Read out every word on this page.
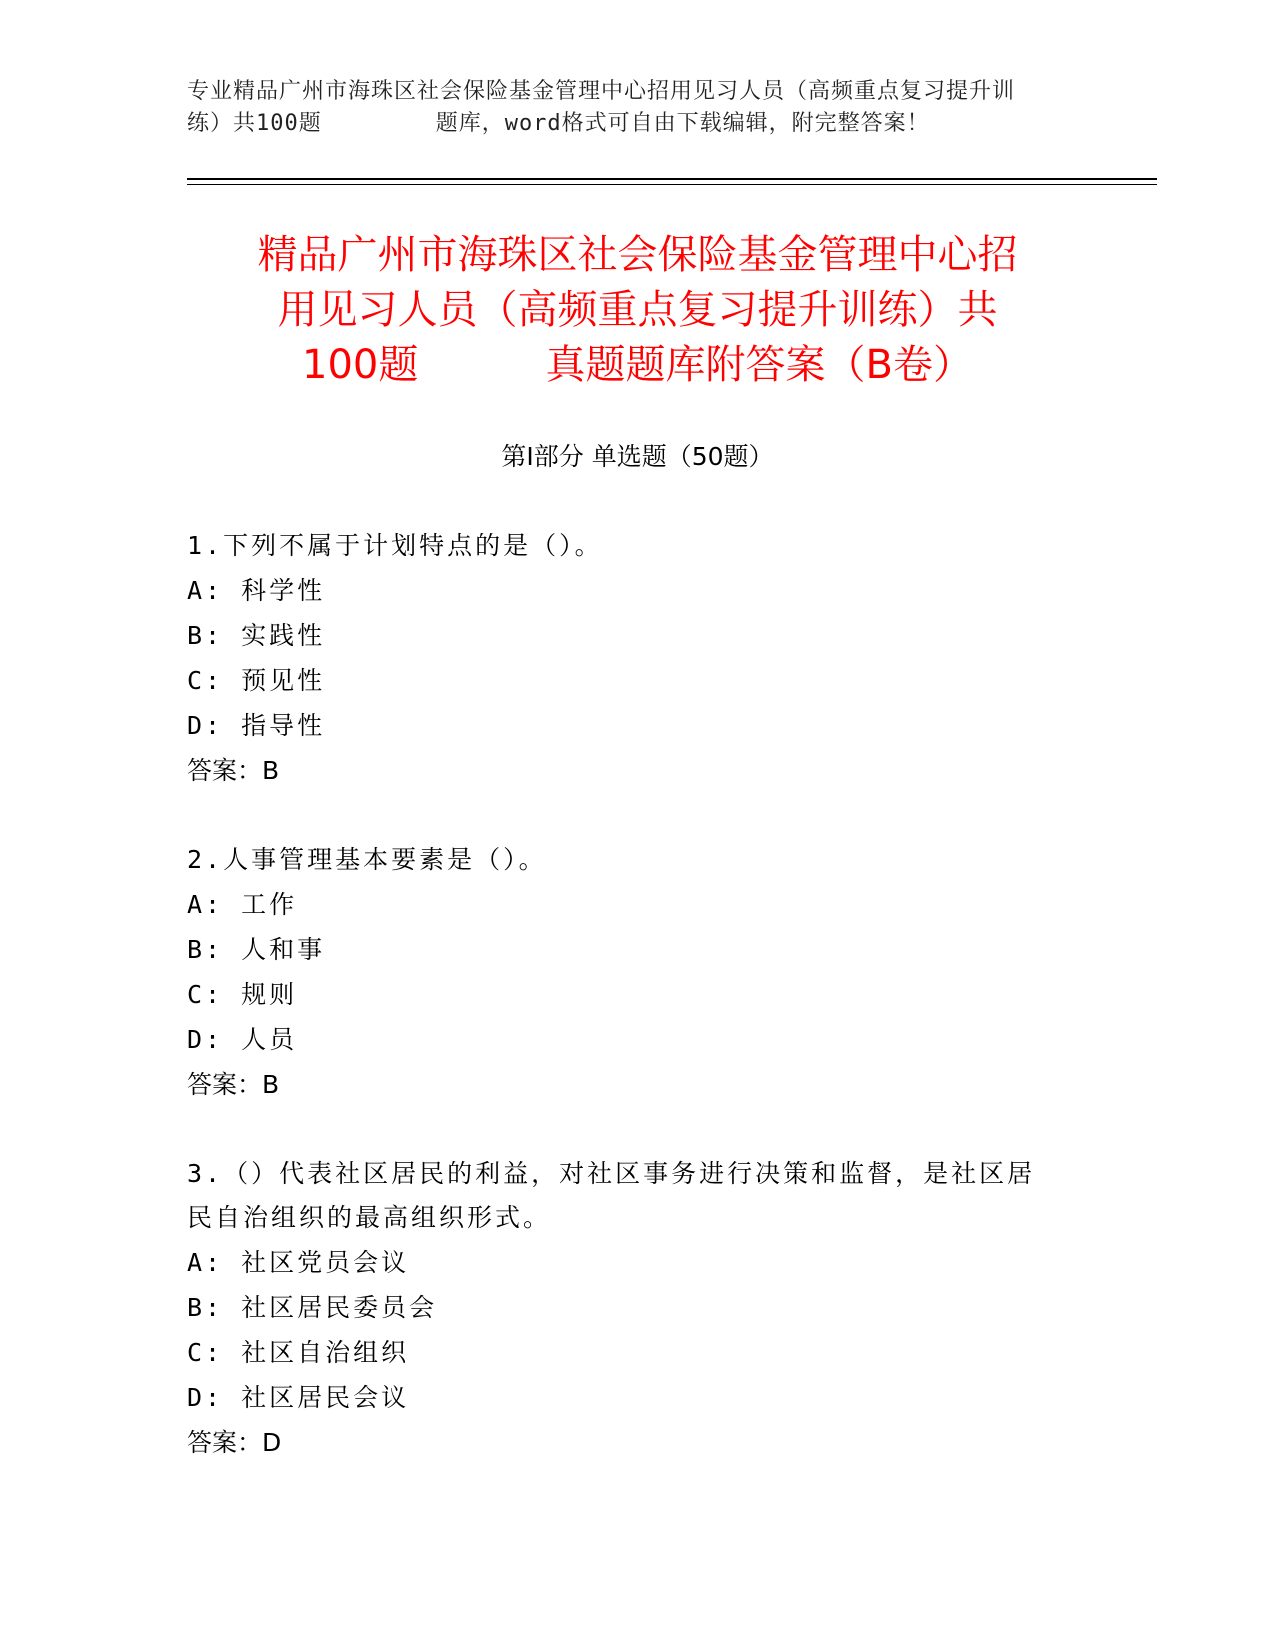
专业精品广州市海珠区社会保险基金管理中心招用见习人员（高频重点复习提升训
练）共100题        题库，word格式可自由下载编辑，附完整答案！
精品广州市海珠区社会保险基金管理中心招
用见习人员（高频重点复习提升训练）共
100题          真题题库附答案（B卷）
第Ⅰ部分 单选题（50题）
1.下列不属于计划特点的是（）。
A: 科学性
B: 实践性
C: 预见性
D: 指导性
答案：B
2.人事管理基本要素是（）。
A: 工作
B: 人和事
C: 规则
D: 人员
答案：B
3.（）代表社区居民的利益，对社区事务进行决策和监督，是社区居
民自治组织的最高组织形式。
A: 社区党员会议
B: 社区居民委员会
C: 社区自治组织
D: 社区居民会议
答案：D
